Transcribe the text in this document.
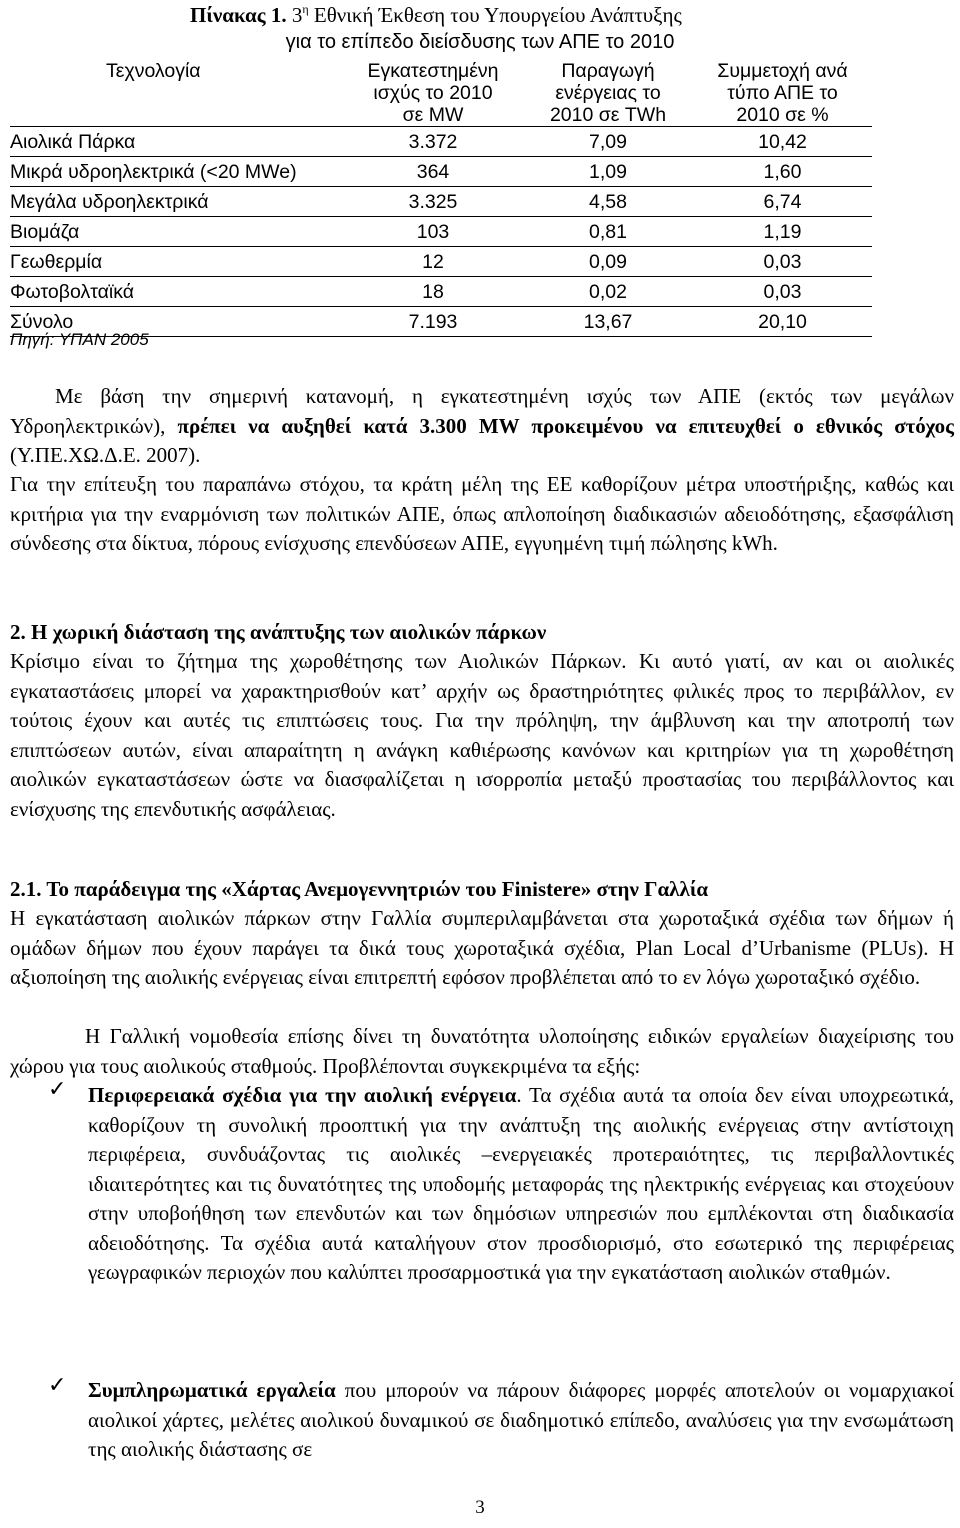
Πίνακας 1. $3^\eta$ Εθνική Έκθεση του Υπουργείου Ανάπτυξης
για το επίπεδο διείσδυσης των ΑΠΕ το 2010
Τεχνολογία	Εγκατεστημένη ισχύς το 2010 σε MW	Παραγωγή ενέργειας το 2010 σε TWh	Συμμετοχή ανά τύπο ΑΠΕ το 2010 σε %
Αιολικά Πάρκα	3.372	7,09	10,42
Μικρά υδροηλεκτρικά (<20 MWe)	364	1,09	1,60
Μεγάλα υδροηλεκτρικά	3.325	4,58	6,74
Βιομάζα	103	0,81	1,19
Γεωθερμία	12	0,09	0,03
Φωτοβολταϊκά	18	0,02	0,03
Σύνολο	7.193	13,67	20,10
Πηγή: ΥΠΑΝ 2005
Με βάση την σημερινή κατανομή, η εγκατεστημένη ισχύς των ΑΠΕ (εκτός των μεγάλων Υδροηλεκτρικών), πρέπει να αυξηθεί κατά 3.300 MW προκειμένου να επιτευχθεί ο εθνικός στόχος (Υ.ΠΕ.ΧΩ.Δ.Ε. 2007).
Για την επίτευξη του παραπάνω στόχου, τα κράτη μέλη της ΕΕ καθορίζουν μέτρα υποστήριξης, καθώς και κριτήρια για την εναρμόνιση των πολιτικών ΑΠΕ, όπως απλοποίηση διαδικασιών αδειοδότησης, εξασφάλιση σύνδεσης στα δίκτυα, πόρους ενίσχυσης επενδύσεων ΑΠΕ, εγγυημένη τιμή πώλησης kWh.
2. Η χωρική διάσταση της ανάπτυξης των αιολικών πάρκων
Κρίσιμο είναι το ζήτημα της χωροθέτησης των Αιολικών Πάρκων. Κι αυτό γιατί, αν και οι αιολικές εγκαταστάσεις μπορεί να χαρακτηρισθούν κατ’ αρχήν ως δραστηριότητες φιλικές προς το περιβάλλον, εν τούτοις έχουν και αυτές τις επιπτώσεις τους. Για την πρόληψη, την άμβλυνση και την αποτροπή των επιπτώσεων αυτών, είναι απαραίτητη η ανάγκη καθιέρωσης κανόνων και κριτηρίων για τη χωροθέτηση αιολικών εγκαταστάσεων ώστε να διασφαλίζεται η ισορροπία μεταξύ προστασίας του περιβάλλοντος και ενίσχυσης της επενδυτικής ασφάλειας.
2.1. Το παράδειγμα της «Χάρτας Ανεμογεννητριών του Finistere» στην Γαλλία
Η εγκατάσταση αιολικών πάρκων στην Γαλλία συμπεριλαμβάνεται στα χωροταξικά σχέδια των δήμων ή ομάδων δήμων που έχουν παράγει τα δικά τους χωροταξικά σχέδια, Plan Local d’Urbanisme (PLUs). Η αξιοποίηση της αιολικής ενέργειας είναι επιτρεπτή εφόσον προβλέπεται από το εν λόγω χωροταξικό σχέδιο.
Η Γαλλική νομοθεσία επίσης δίνει τη δυνατότητα υλοποίησης ειδικών εργαλείων διαχείρισης του χώρου για τους αιολικούς σταθμούς. Προβλέπονται συγκεκριμένα τα εξής:
✓ Περιφερειακά σχέδια για την αιολική ενέργεια. Τα σχέδια αυτά τα οποία δεν είναι υποχρεωτικά, καθορίζουν τη συνολική προοπτική για την ανάπτυξη της αιολικής ενέργειας στην αντίστοιχη περιφέρεια, συνδυάζοντας τις αιολικές –ενεργειακές προτεραιότητες, τις περιβαλλοντικές ιδιαιτερότητες και τις δυνατότητες της υποδομής μεταφοράς της ηλεκτρικής ενέργειας και στοχεύουν στην υποβοήθηση των επενδυτών και των δημόσιων υπηρεσιών που εμπλέκονται στη διαδικασία αδειοδότησης. Τα σχέδια αυτά καταλήγουν στον προσδιορισμό, στο εσωτερικό της περιφέρειας γεωγραφικών περιοχών που καλύπτει προσαρμοστικά για την εγκατάσταση αιολικών σταθμών.
✓ Συμπληρωματικά εργαλεία που μπορούν να πάρουν διάφορες μορφές αποτελούν οι νομαρχιακοί αιολικοί χάρτες, μελέτες αιολικού δυναμικού σε διαδημοτικό επίπεδο, αναλύσεις για την ενσωμάτωση της αιολικής διάστασης σε
3
